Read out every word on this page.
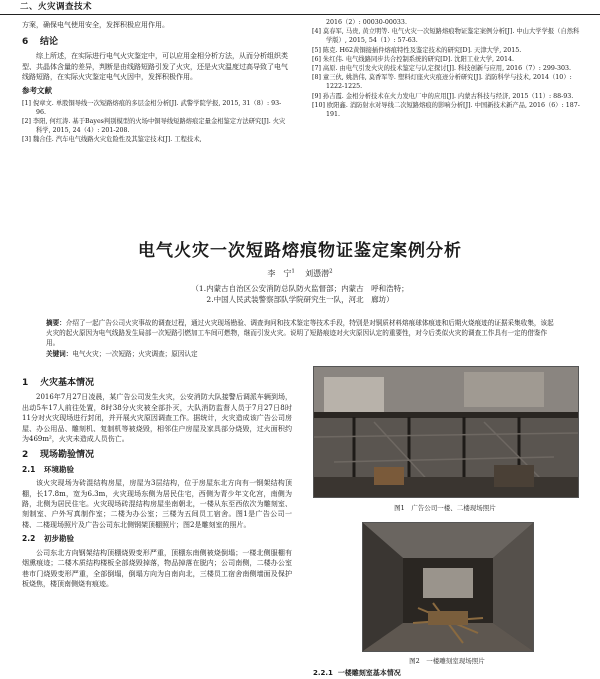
二、火灾调查技术

方案，确保电气使用安全，发挥积极应用作用。

6 结论

综上所述，在实际进行电气火灾鉴定中，可以应用金相分析方法，从而分析组织类型、共晶体含量的差异，判断是由线路短路引发了火灾，还是火灾温度过高导致了电气线路短路，在实际火灾鉴定电气火因中，发挥积极作用。

参考文献
[1] 倪章文. 单股铜导线一次短路熔痕的多层金相分析[J]. 武警学院学报, 2015, 31（8）: 93-96.
[2] 李阳, 何红涛. 基于Bayes判别模型的火场中铜导线短路熔痕定量金相鉴定方法研究[J]. 火灾科学, 2015, 24（4）: 201-208.
[3] 魏合佳. 汽车电气线路火灾危险性及其鉴定技术[J]. 工程技术,
2016（2）: 00030-00033.
[4] 莫春军, 马贵, 黄立明等. 电气火灾一次短路熔痕物证鉴定案例分析[J]. 中山大学学报（自然科学版）, 2015, 54（1）: 57-63.
[5] 陈克. H62黄铜接插件熔痕特性及鉴定技术的研究[D]. 天津大学, 2015.
[6] 朱红伟. 电气线路同步共合控制系统的研究[D]. 沈阳工业大学, 2014.
[7] 高原. 由电气引发火灾的技术鉴定与认定探讨[J]. 科技创新与应用, 2016（7）: 299-303.
[8] 童三伙, 姚浩伟, 莫香军等. 塑料灯座火灾痕迹分析研究[J]. 消防科学与技术, 2014（10）: 1222-1225.
[9] 孙吉霞. 金相分析技术在火力发电厂中的应用[J]. 内蒙古科技与经济, 2015（11）: 88-93.
[10] 欧阳鑫. 消防射水对导线二次短路熔痕的影响分析[J]. 中国新技术新产品, 2016（6）: 187-191.
电气火灾一次短路熔痕物证鉴定案例分析
李　宁$^1$ 刘憑潜$^2$
（1.内蒙古自治区公安消防总队防火监督部；内蒙古　呼和浩特；
2.中国人民武装警察部队学院研究生一队，河北　廊坊）
摘要：介绍了一起广告公司火灾事故的调查过程，通过火灾现场勘验、调查询问和技术鉴定等技术手段，特别是对铜质材料熔痕球体痕迹和后期火烧痕迹的证据采集收集，该起火灾的起火原因为电气线路发生局部一次短路引燃加工车间可燃物，继而引发火灾。说明了短路痕迹对火灾原因认定的重要性，对今后类似火灾的调查工作具有一定的借鉴作用。
关键词：电气火灾；一次短路；火灾调查；原因认定
1 火灾基本情况

2016年7月27日凌晨，某广告公司发生火灾，公安消防大队接警后调派车辆到场，出动5车17人前往处置，8时38分火灾被全部扑灭，大队消防监督人员于7月27日8时11分对火灾现场进行封闭，并开展火灾原因调查工作。据统计，火灾造成该广告公司房屋、办公用品、雕刻机、复制机等被烧毁，相邻住户房屋及家具部分烧毁，过火面积约为469m²，火灾未造成人员伤亡。

2 现场勘验情况
2.1 环境勘验

该火灾现场为砖混结构房屋，房屋为3层结构，位于房屋东北方向有一钢架结构顶棚，长17.8m，宽为6.3m，火灾现场东侧为居民住宅，西侧为青少年文化宫，南侧为路，北侧为居民住宅。火灾现场砖混结构房屋坐南朝北，一楼从东至西依次为雕刻室、刻制室、户外写真制作室；二楼为办公室；三楼为五间员工宿舍。图1是广告公司一楼、二楼现场照片及广告公司东北侧钢架顶棚照片；图2是雕刻室的照片。

2.2 初步勘验

公司东北方向钢架结构顶棚烧毁变形严重，顶棚东南侧被烧倒塌；一楼北侧服棚有烟熏痕迹；二楼木质结构楼板全部烧毁掉落，物品掉落在脱内；公司南侧，二楼办公室巷市门烧毁变形严重，全部倒塌，倒塌方向为自南向北，三楼员工宿舍南侧墙面及保护板烧焦，楼顶南侧烧有痕迹。

图1　广告公司一楼、二楼现场照片
图2　一楼雕刻室现场照片
2.2.1 一楼雕刻室基本情况
